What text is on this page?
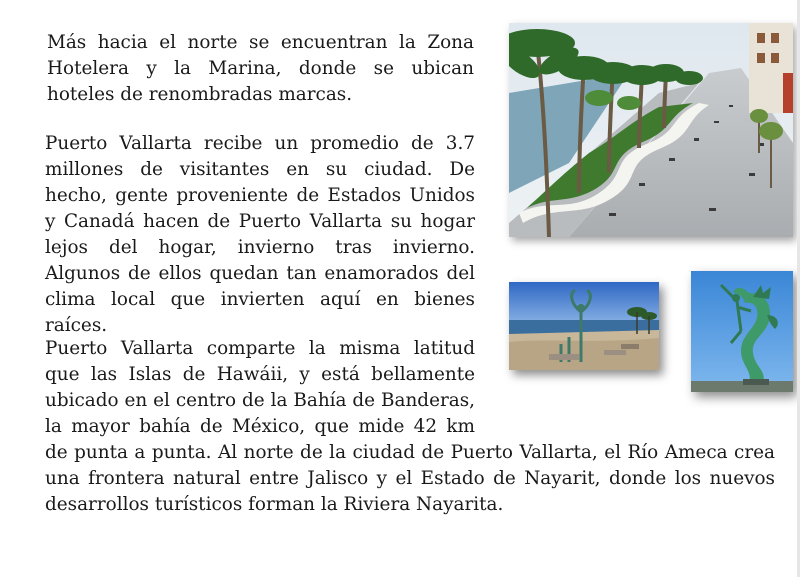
Más hacia el norte se encuentran la Zona Hotelera y la Marina, donde se ubican hoteles de renombradas marcas.

Puerto Vallarta recibe un promedio de 3.7 millones de visitantes en su ciudad. De hecho, gente proveniente de Estados Unidos y Canadá hacen de Puerto Vallarta su hogar lejos del hogar, invierno tras invierno. Algunos de ellos quedan tan enamorados del clima local que invierten aquí en bienes raíces.

Puerto Vallarta comparte la misma latitud que las Islas de Hawáii, y está bellamente ubicado en el centro de la Bahía de Banderas, la mayor bahía de México, que mide 42 km de punta a punta. Al norte de la ciudad de Puerto Vallarta, el Río Ameca crea una frontera natural entre Jalisco y el Estado de Nayarit, donde los nuevos desarrollos turísticos forman la Riviera Nayarita.
